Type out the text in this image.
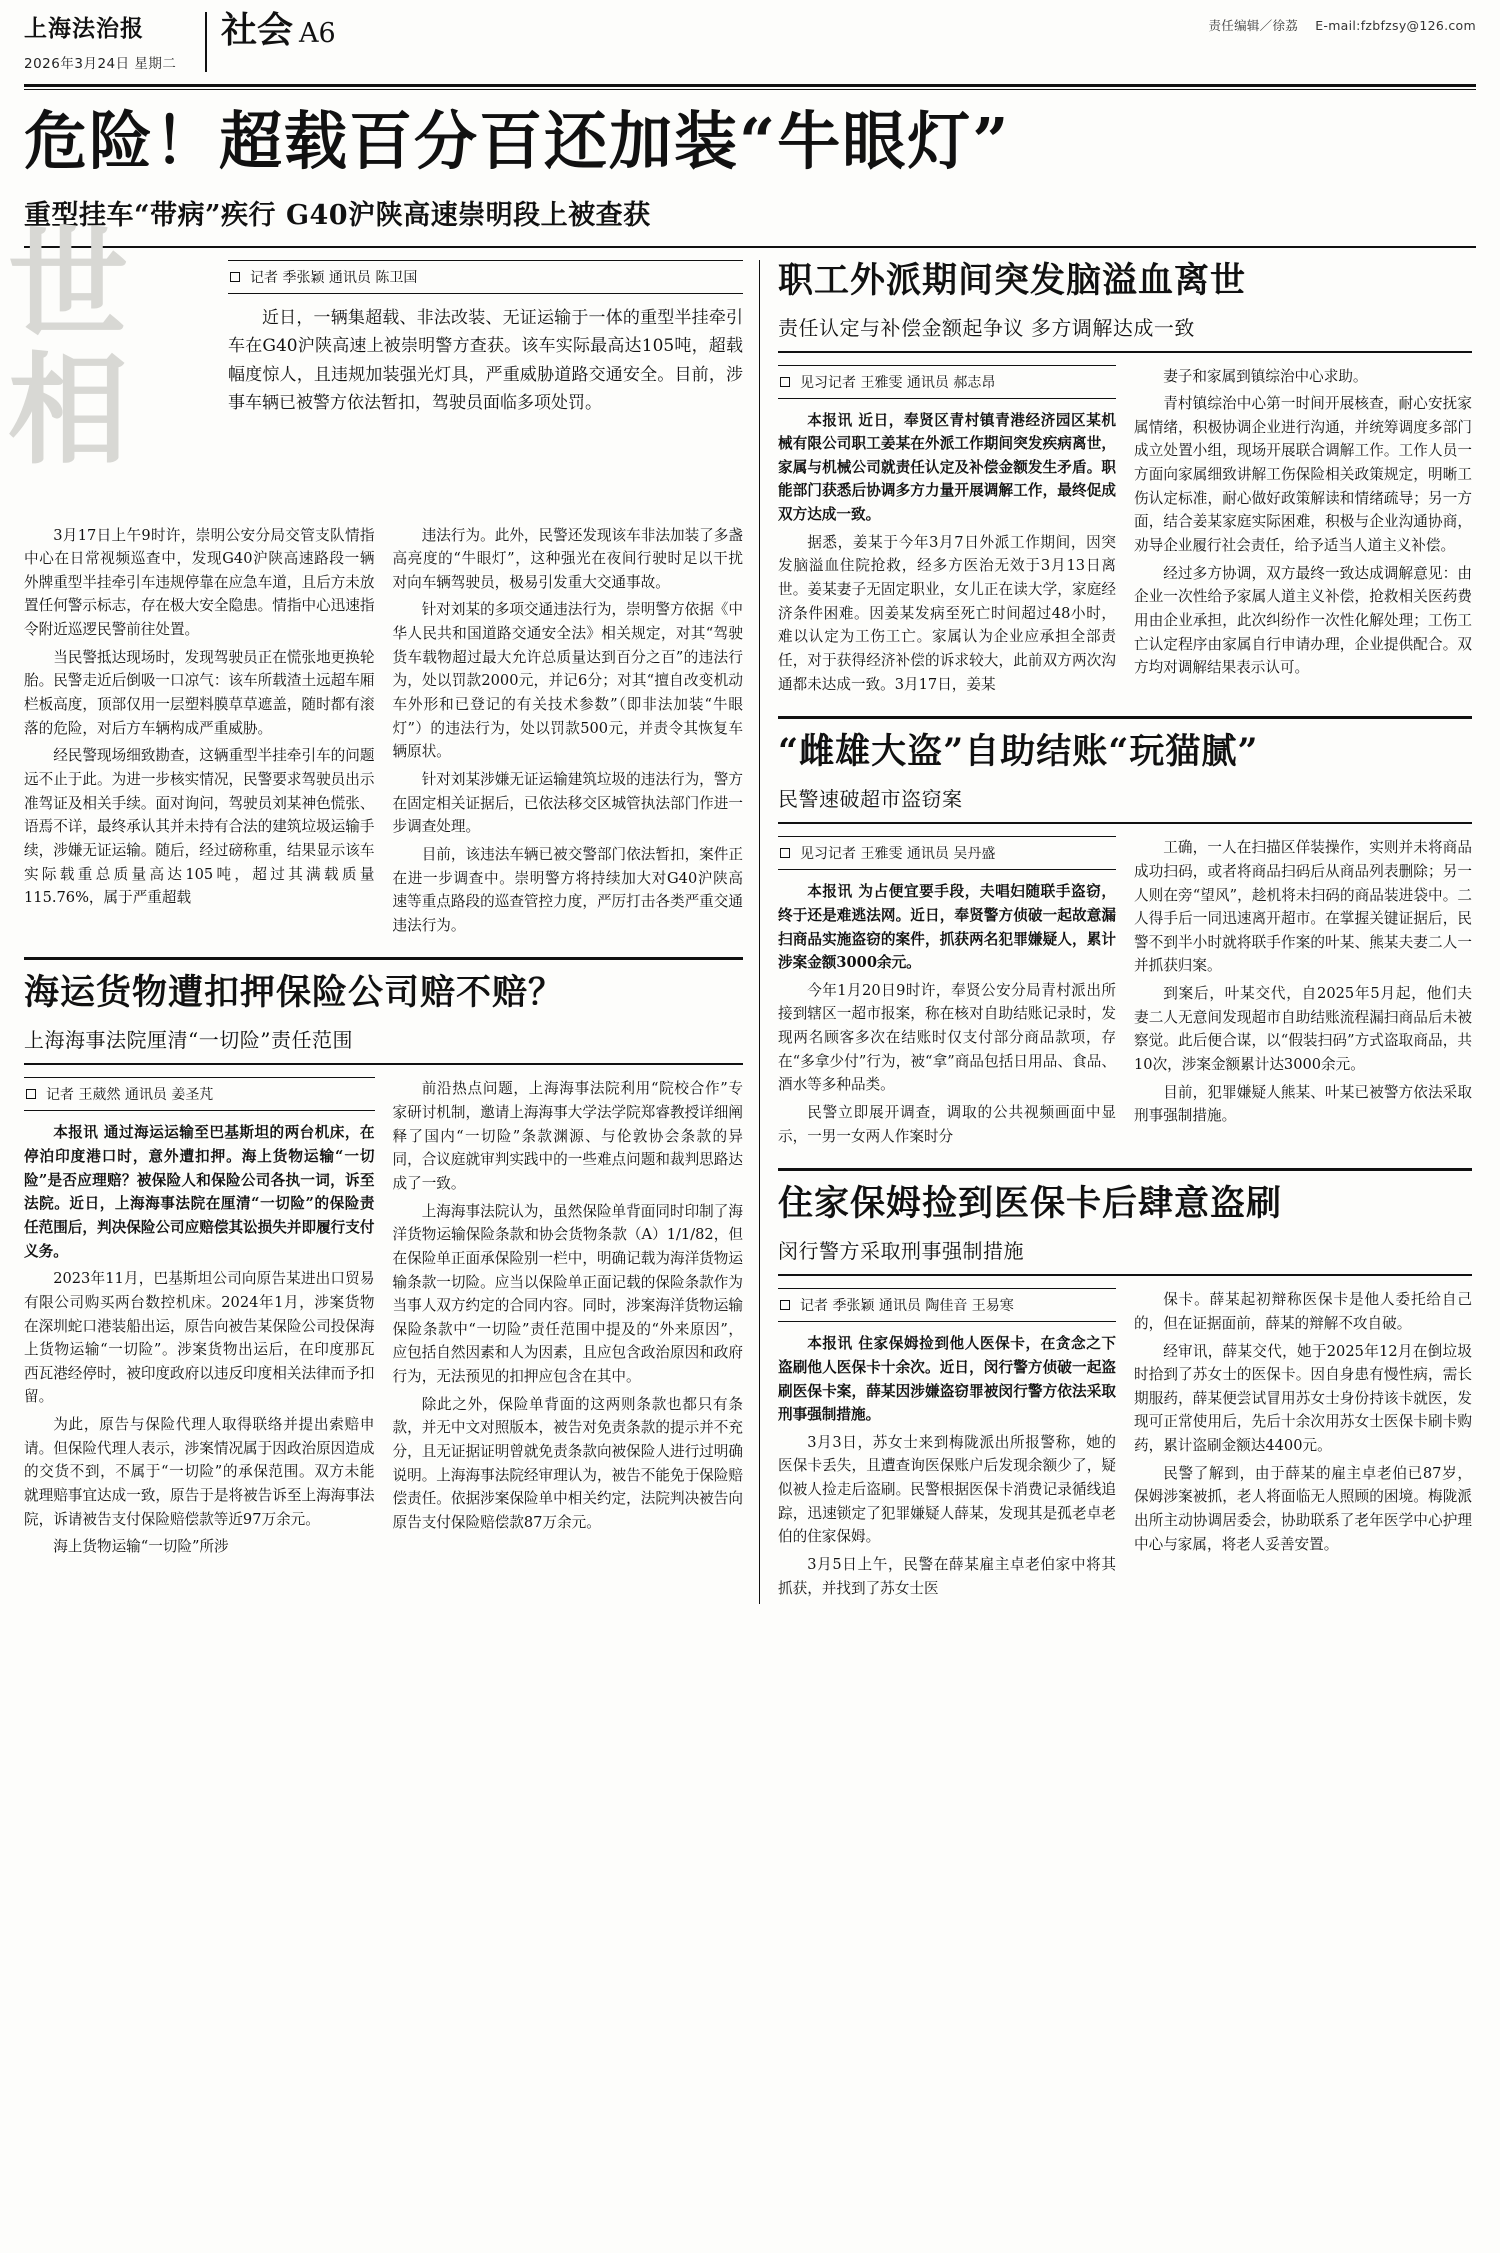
上海法治报
2026年3月24日 星期二
社会 A6	责任编辑／徐荔 E-mail:fzbfzsy@126.com
危险！超载百分百还加装“牛眼灯”
重型挂车“带病”疾行 G40沪陕高速崇明段上被查获
世相
记者 季张颖 通讯员 陈卫国

近日，一辆集超载、非法改装、无证运输于一体的重型半挂牵引车在G40沪陕高速上被崇明警方查获。该车实际最高达105吨，超载幅度惊人，且违规加装强光灯具，严重威胁道路交通安全。目前，涉事车辆已被警方依法暂扣，驾驶员面临多项处罚。

3月17日上午9时许，崇明公安分局交管支队情指中心在日常视频巡查中，发现G40沪陕高速路段一辆外牌重型半挂牵引车违规停靠在应急车道，且后方未放置任何警示标志，存在极大安全隐患。情指中心迅速指令附近巡逻民警前往处置。

当民警抵达现场时，发现驾驶员正在慌张地更换轮胎。民警走近后倒吸一口凉气：该车所载渣土远超车厢栏板高度，顶部仅用一层塑料膜草草遮盖，随时都有滚落的危险，对后方车辆构成严重威胁。

经民警现场细致勘查，这辆重型半挂牵引车的问题远不止于此。为进一步核实情况，民警要求驾驶员出示准驾证及相关手续。面对询问，驾驶员刘某神色慌张、语焉不详，最终承认其并未持有合法的建筑垃圾运输手续，涉嫌无证运输。随后，经过磅称重，结果显示该车实际载重总质量高达105吨，超过其满载质量115.76%，属于严重超载

违法行为。此外，民警还发现该车非法加装了多盏高亮度的“牛眼灯”，这种强光在夜间行驶时足以干扰对向车辆驾驶员，极易引发重大交通事故。

针对刘某的多项交通违法行为，崇明警方依据《中华人民共和国道路交通安全法》相关规定，对其“驾驶货车载物超过最大允许总质量达到百分之百”的违法行为，处以罚款2000元，并记6分；对其“擅自改变机动车外形和已登记的有关技术参数”（即非法加装“牛眼灯”）的违法行为，处以罚款500元，并责令其恢复车辆原状。

针对刘某涉嫌无证运输建筑垃圾的违法行为，警方在固定相关证据后，已依法移交区城管执法部门作进一步调查处理。

目前，该违法车辆已被交警部门依法暂扣，案件正在进一步调查中。崇明警方将持续加大对G40沪陕高速等重点路段的巡查管控力度，严厉打击各类严重交通违法行为。

海运货物遭扣押保险公司赔不赔？
上海海事法院厘清“一切险”责任范围
记者 王葳然 通讯员 姜圣芃

本报讯 通过海运运输至巴基斯坦的两台机床，在停泊印度港口时，意外遭扣押。海上货物运输“一切险”是否应理赔？被保险人和保险公司各执一词，诉至法院。近日，上海海事法院在厘清“一切险”的保险责任范围后，判决保险公司应赔偿其讼损失并即履行支付义务。

2023年11月，巴基斯坦公司向原告某进出口贸易有限公司购买两台数控机床。2024年1月，涉案货物在深圳蛇口港装船出运，原告向被告某保险公司投保海上货物运输“一切险”。涉案货物出运后，在印度那瓦西瓦港经停时，被印度政府以违反印度相关法律而予扣留。

为此，原告与保险代理人取得联络并提出索赔申请。但保险代理人表示，涉案情况属于因政治原因造成的交货不到，不属于“一切险”的承保范围。双方未能就理赔事宜达成一致，原告于是将被告诉至上海海事法院，诉请被告支付保险赔偿款等近97万余元。

海上货物运输“一切险”所涉

前沿热点问题，上海海事法院利用“院校合作”专家研讨机制，邀请上海海事大学法学院郑睿教授详细阐释了国内“一切险”条款渊源、与伦敦协会条款的异同，合议庭就审判实践中的一些难点问题和裁判思路达成了一致。

上海海事法院认为，虽然保险单背面同时印制了海洋货物运输保险条款和协会货物条款（A）1/1/82，但在保险单正面承保险别一栏中，明确记载为海洋货物运输条款一切险。应当以保险单正面记载的保险条款作为当事人双方约定的合同内容。同时，涉案海洋货物运输保险条款中“一切险”责任范围中提及的“外来原因”，应包括自然因素和人为因素，且应包含政治原因和政府行为，无法预见的扣押应包含在其中。

除此之外，保险单背面的这两则条款也都只有条款，并无中文对照版本，被告对免责条款的提示并不充分，且无证据证明曾就免责条款向被保险人进行过明确说明。上海海事法院经审理认为，被告不能免于保险赔偿责任。依据涉案保险单中相关约定，法院判决被告向原告支付保险赔偿款87万余元。

职工外派期间突发脑溢血离世
责任认定与补偿金额起争议 多方调解达成一致
见习记者 王雅雯 通讯员 郝志昂

本报讯 近日，奉贤区青村镇青港经济园区某机械有限公司职工姜某在外派工作期间突发疾病离世，家属与机械公司就责任认定及补偿金额发生矛盾。职能部门获悉后协调多方力量开展调解工作，最终促成双方达成一致。

据悉，姜某于今年3月7日外派工作期间，因突发脑溢血住院抢救，经多方医治无效于3月13日离世。姜某妻子无固定职业，女儿正在读大学，家庭经济条件困难。因姜某发病至死亡时间超过48小时，难以认定为工伤工亡。家属认为企业应承担全部责任，对于获得经济补偿的诉求较大，此前双方两次沟通都未达成一致。3月17日，姜某

妻子和家属到镇综治中心求助。

青村镇综治中心第一时间开展核查，耐心安抚家属情绪，积极协调企业进行沟通，并统筹调度多部门成立处置小组，现场开展联合调解工作。工作人员一方面向家属细致讲解工伤保险相关政策规定，明晰工伤认定标准，耐心做好政策解读和情绪疏导；另一方面，结合姜某家庭实际困难，积极与企业沟通协商，劝导企业履行社会责任，给予适当人道主义补偿。

经过多方协调，双方最终一致达成调解意见：由企业一次性给予家属人道主义补偿，抢救相关医药费用由企业承担，此次纠纷作一次性化解处理；工伤工亡认定程序由家属自行申请办理，企业提供配合。双方均对调解结果表示认可。

“雌雄大盗”自助结账“玩猫腻”
民警速破超市盗窃案
见习记者 王雅雯 通讯员 吴丹盛

本报讯 为占便宜要手段，夫唱妇随联手盗窃，终于还是难逃法网。近日，奉贤警方侦破一起故意漏扫商品实施盗窃的案件，抓获两名犯罪嫌疑人，累计涉案金额3000余元。

今年1月20日9时许，奉贤公安分局青村派出所接到辖区一超市报案，称在核对自助结账记录时，发现两名顾客多次在结账时仅支付部分商品款项，存在“多拿少付”行为，被“拿”商品包括日用品、食品、酒水等多种品类。

民警立即展开调查，调取的公共视频画面中显示，一男一女两人作案时分

工确，一人在扫描区佯装操作，实则并未将商品成功扫码，或者将商品扫码后从商品列表删除；另一人则在旁“望风”，趁机将未扫码的商品装进袋中。二人得手后一同迅速离开超市。在掌握关键证据后，民警不到半小时就将联手作案的叶某、熊某夫妻二人一并抓获归案。

到案后，叶某交代，自2025年5月起，他们夫妻二人无意间发现超市自助结账流程漏扫商品后未被察觉。此后便合谋，以“假装扫码”方式盗取商品，共10次，涉案金额累计达3000余元。

目前，犯罪嫌疑人熊某、叶某已被警方依法采取刑事强制措施。

住家保姆捡到医保卡后肆意盗刷
闵行警方采取刑事强制措施
记者 季张颖 通讯员 陶佳音 王易寒

本报讯 住家保姆捡到他人医保卡，在贪念之下盗刷他人医保卡十余次。近日，闵行警方侦破一起盗刷医保卡案，薛某因涉嫌盗窃罪被闵行警方依法采取刑事强制措施。

3月3日，苏女士来到梅陇派出所报警称，她的医保卡丢失，且遭查询医保账户后发现余额少了，疑似被人捡走后盗刷。民警根据医保卡消费记录循线追踪，迅速锁定了犯罪嫌疑人薛某，发现其是孤老卓老伯的住家保姆。

3月5日上午，民警在薛某雇主卓老伯家中将其抓获，并找到了苏女士医

保卡。薛某起初辩称医保卡是他人委托给自己的，但在证据面前，薛某的辩解不攻自破。

经审讯，薛某交代，她于2025年12月在倒垃圾时拾到了苏女士的医保卡。因自身患有慢性病，需长期服药，薛某便尝试冒用苏女士身份持该卡就医，发现可正常使用后，先后十余次用苏女士医保卡刷卡购药，累计盗刷金额达4400元。

民警了解到，由于薛某的雇主卓老伯已87岁，保姆涉案被抓，老人将面临无人照顾的困境。梅陇派出所主动协调居委会，协助联系了老年医学中心护理中心与家属，将老人妥善安置。
